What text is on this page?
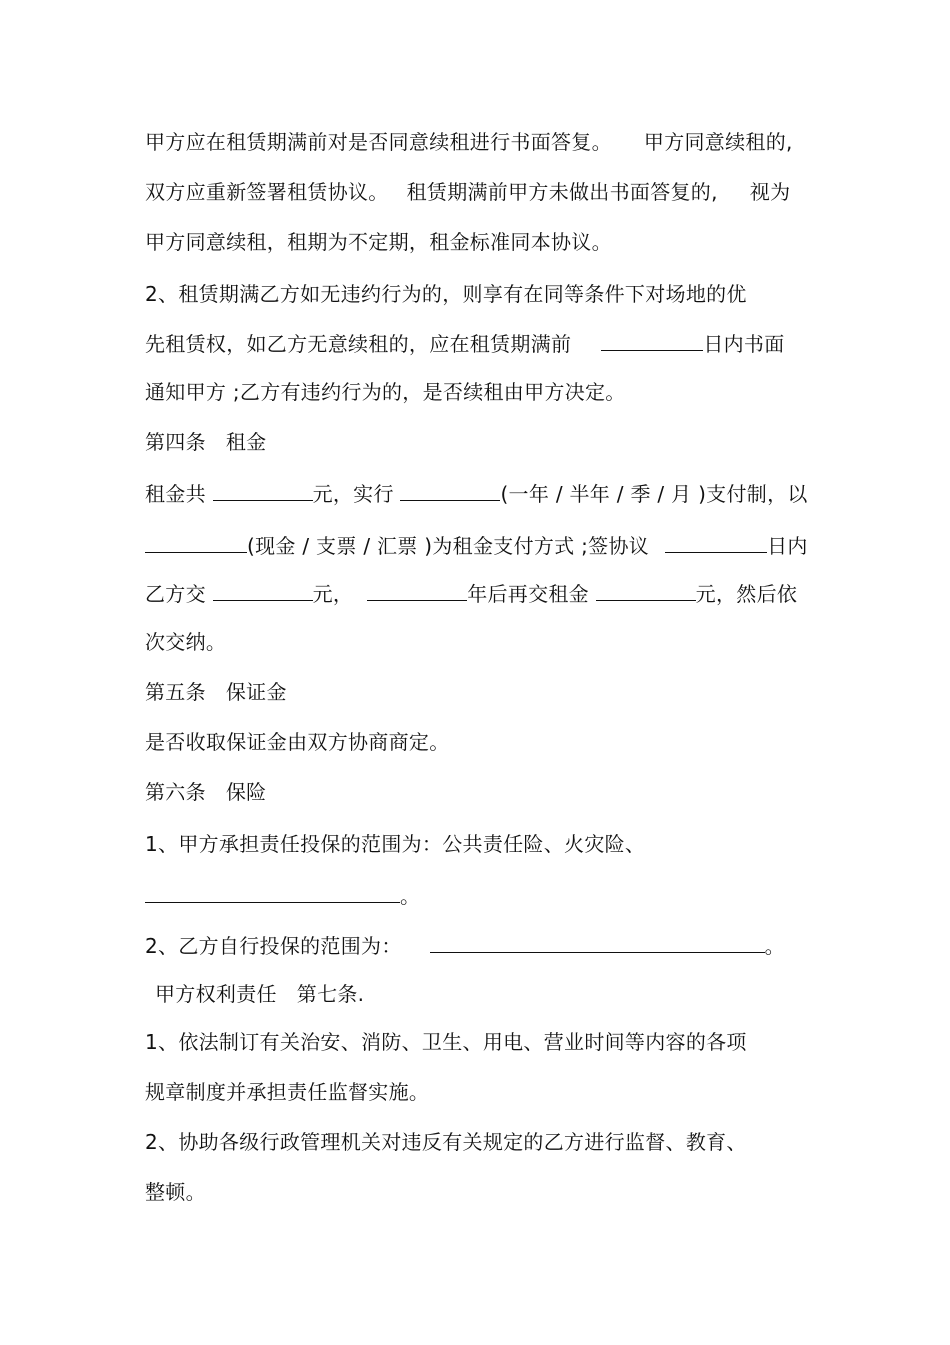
甲方应在租赁期满前对是否同意续租进行书面答复。 甲方同意续租的,
双方应重新签署租赁协议。 租赁期满前甲方未做出书面答复的, 视为
甲方同意续租，租期为不定期，租金标准同本协议。
2、租赁期满乙方如无违约行为的，则享有在同等条件下对场地的优
先租赁权，如乙方无意续租的，应在租赁期满前	日内书面
通知甲方 ;乙方有违约行为的，是否续租由甲方决定。
第四条   租金
租金共	元，实行	(一年 / 半年 / 季 / 月 )支付制，以
(现金 / 支票 / 汇票 )为租金支付方式 ;签协议	日内
乙方交	元，	年后再交租金	元，然后依
次交纳。
第五条   保证金
是否收取保证金由双方协商商定。
第六条   保险
1、甲方承担责任投保的范围为：公共责任险、火灾险、
。
2、乙方自行投保的范围为：	。
甲方权利责任   第七条.
1、依法制订有关治安、消防、卫生、用电、营业时间等内容的各项
规章制度并承担责任监督实施。
2、协助各级行政管理机关对违反有关规定的乙方进行监督、教育、
整顿。
